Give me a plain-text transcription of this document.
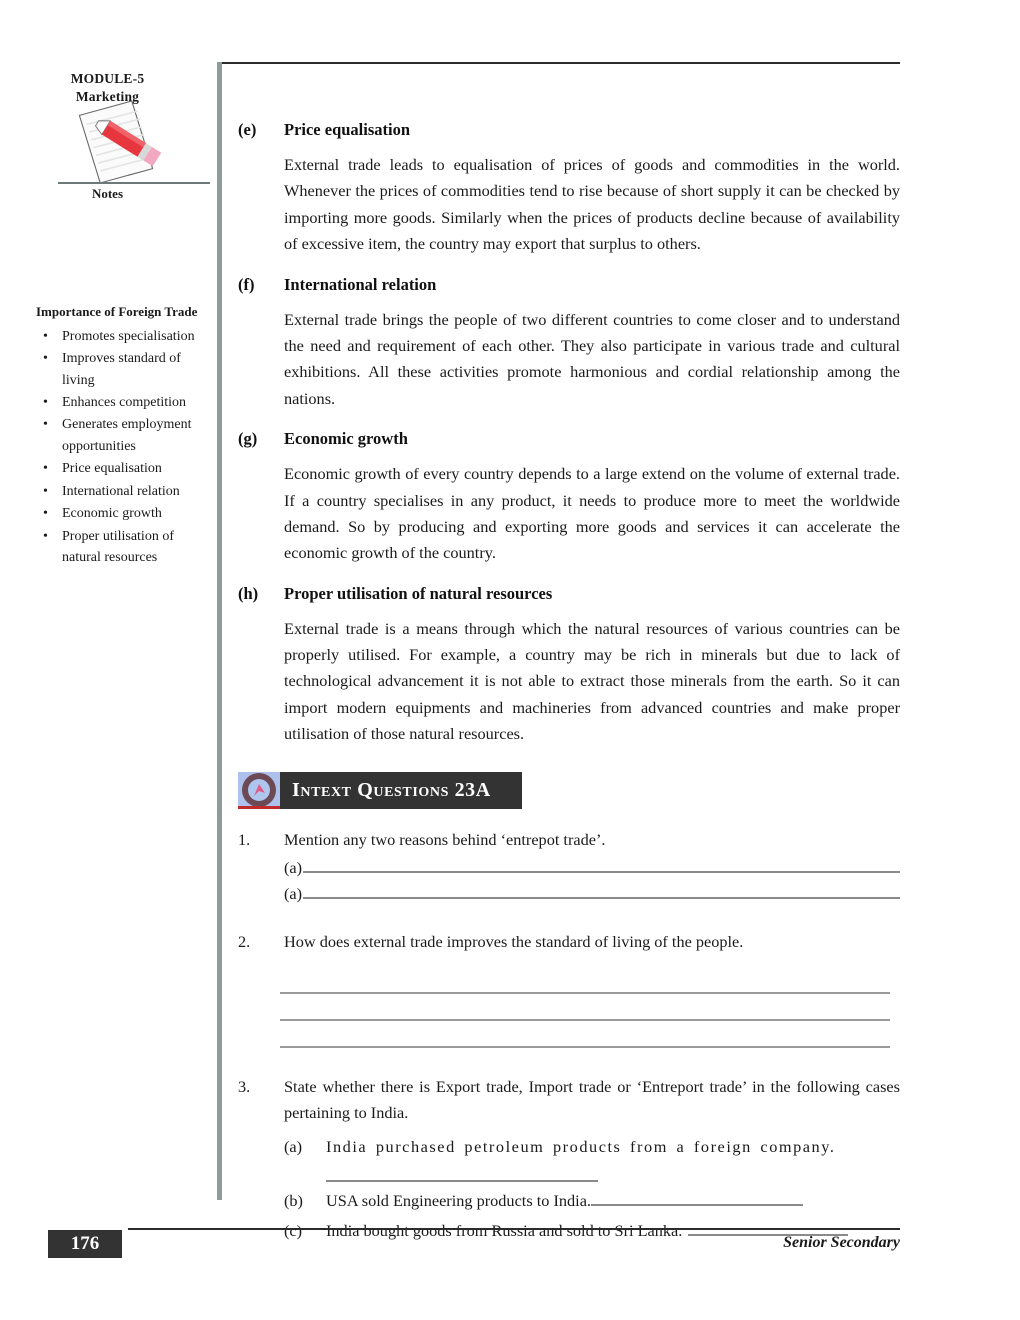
MODULE-5
Marketing
Notes
Importance of Foreign Trade
• Promotes specialisation
• Improves standard of living
• Enhances competition
• Generates employment opportunities
• Price equalisation
• International relation
• Economic growth
• Proper utilisation of natural resources
(e)	Price equalisation
External trade leads to equalisation of prices of goods and commodities in the world. Whenever the prices of commodities tend to rise because of short supply it can be checked by importing more goods. Similarly when the prices of products decline because of availability of excessive item, the country may export that surplus to others.
(f)	International relation
External trade brings the people of two different countries to come closer and to understand the need and requirement of each other. They also participate in various trade and cultural exhibitions. All these activities promote harmonious and cordial relationship among the nations.
(g)	Economic growth
Economic growth of every country depends to a large extend on the volume of external trade. If a country specialises in any product, it needs to produce more to meet the worldwide demand. So by producing and exporting more goods and services it can accelerate the economic growth of the country.
(h)	Proper utilisation of natural resources
External trade is a means through which the natural resources of various countries can be properly utilised. For example, a country may be rich in minerals but due to lack of technological advancement it is not able to extract those minerals from the earth. So it can import modern equipments and machineries from advanced countries and make proper utilisation of those natural resources.
Intext Questions 23A
1.	Mention any two reasons behind ‘entrepot trade’.
(a)
(a)
2.	How does external trade improves the standard of living of the people.
3.	State whether there is Export trade, Import trade or ‘Entreport trade’ in the following cases pertaining to India.
(a)	India purchased petroleum products from a foreign company.
(b)	USA sold Engineering products to India.
(c)	India bought goods from Russia and sold to Sri Lanka.
176	Senior Secondary
